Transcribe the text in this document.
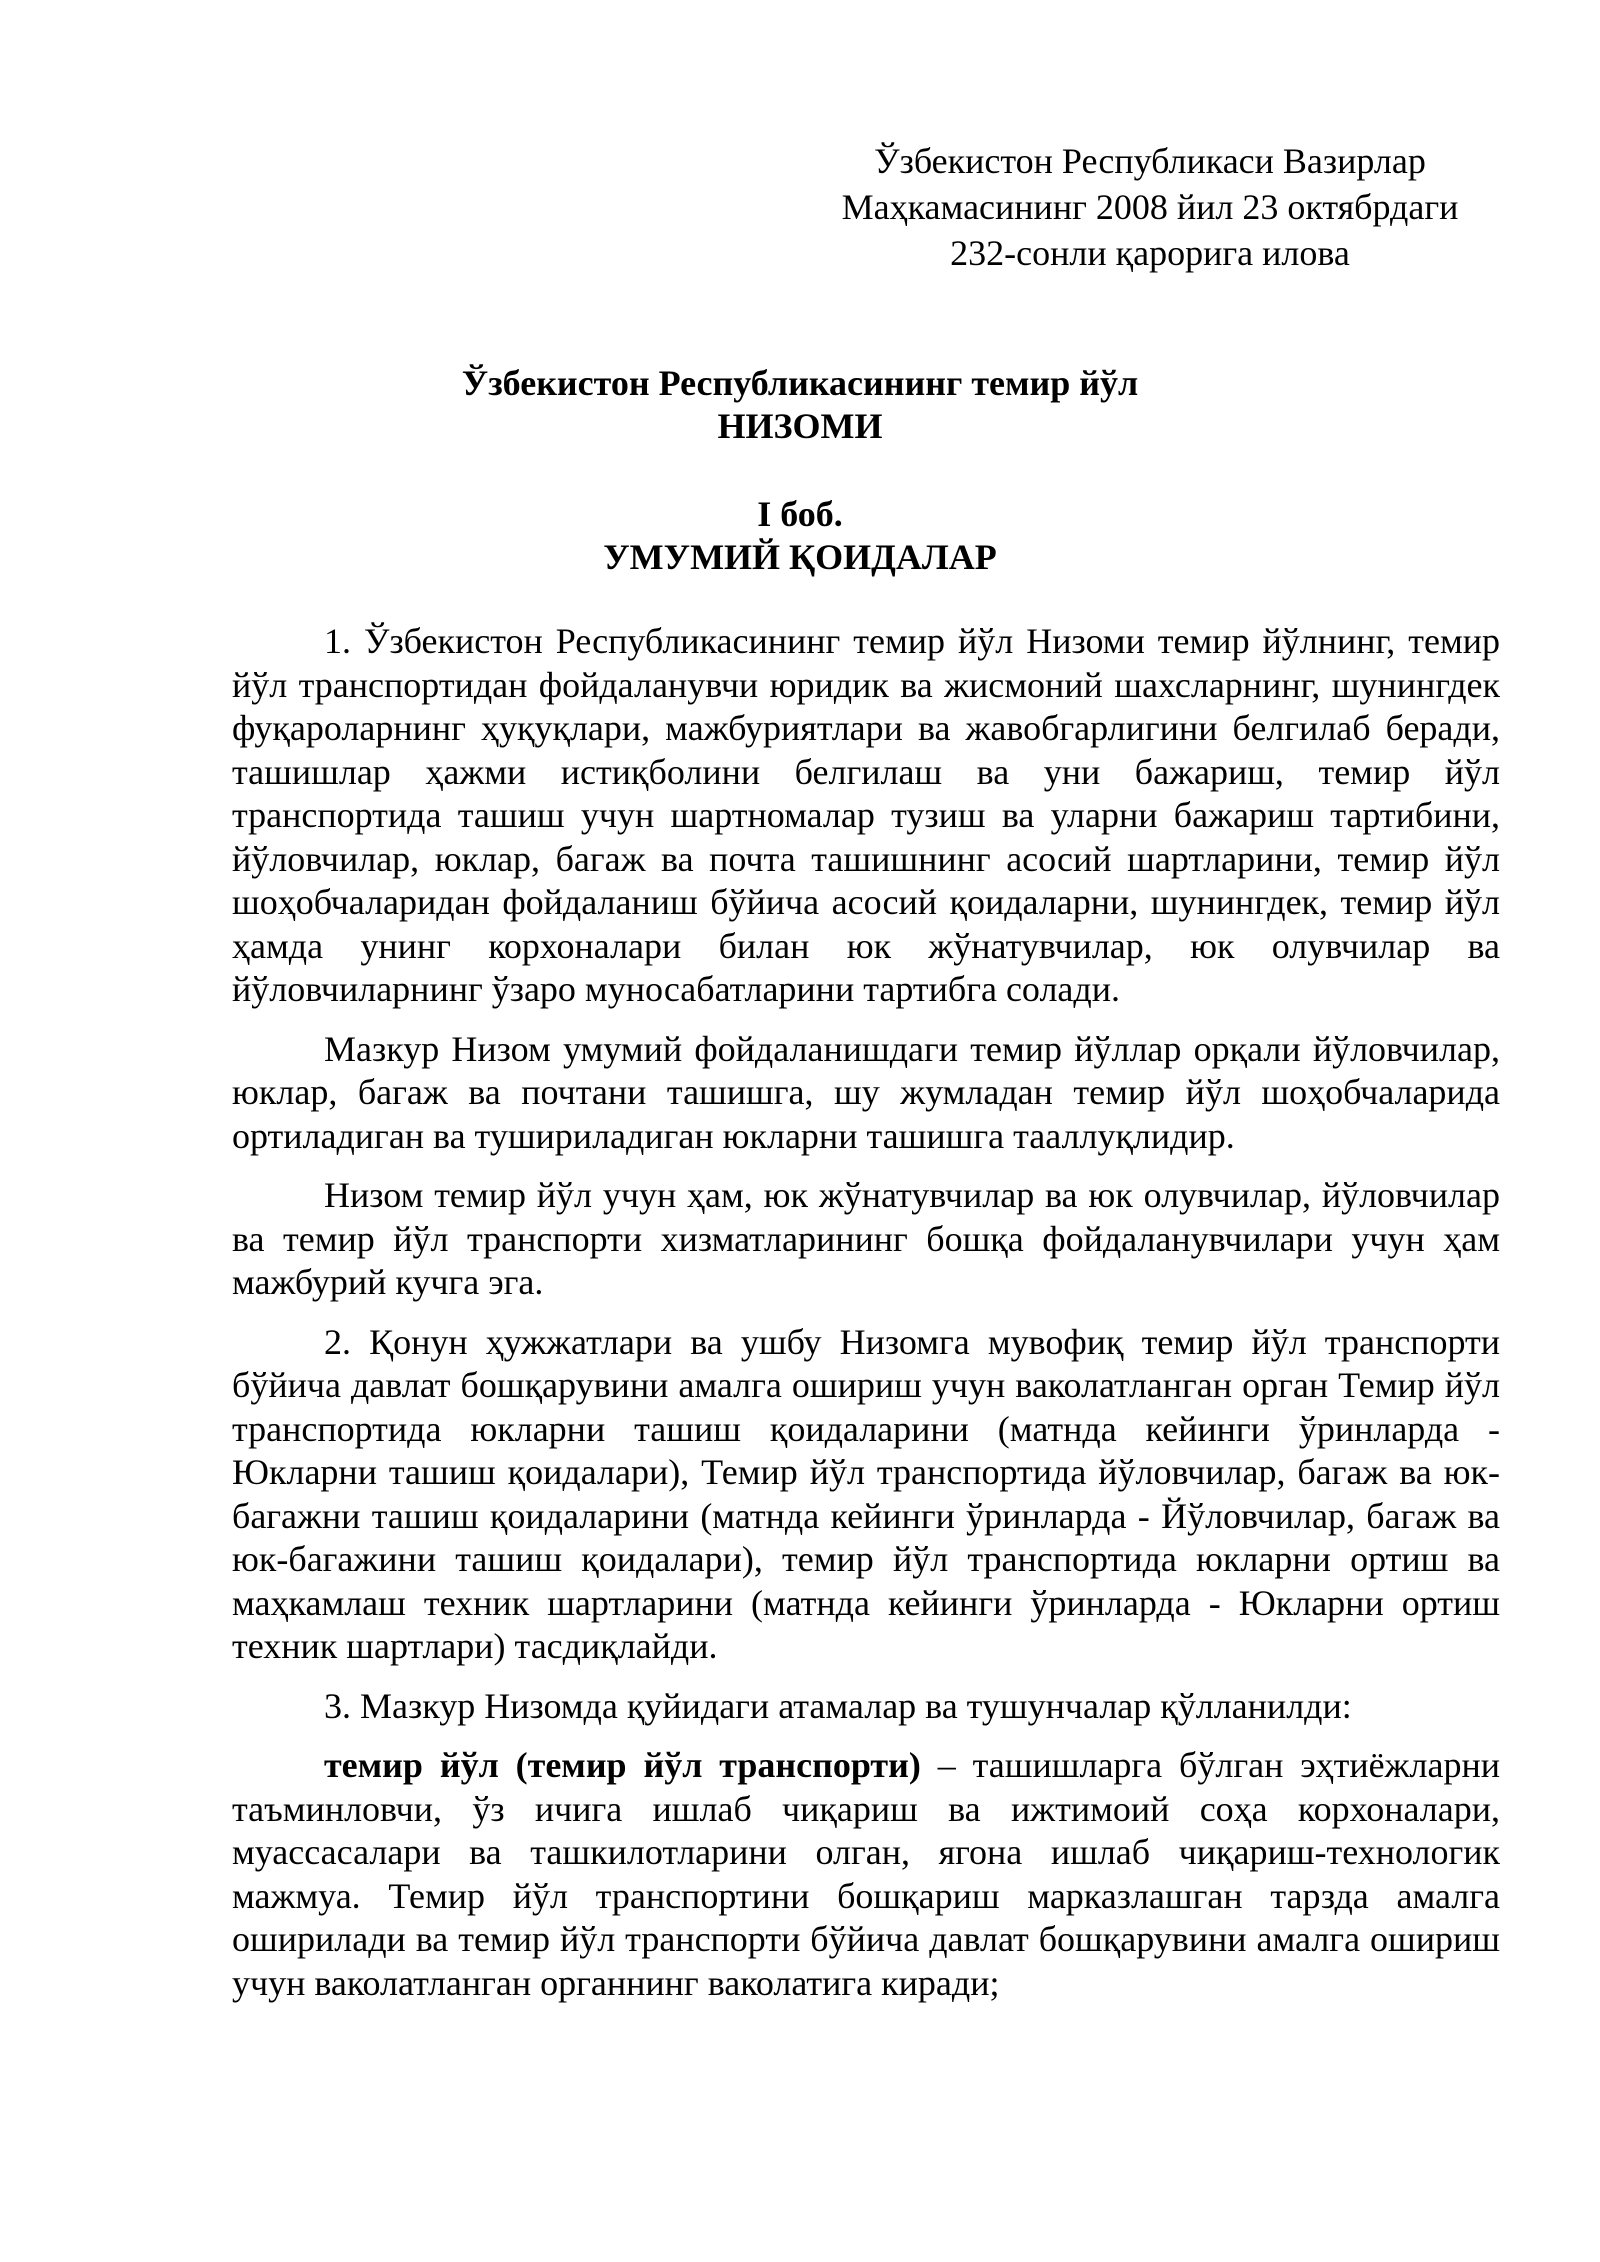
Ўзбекистон Республикаси Вазирлар
Маҳкамасининг 2008 йил 23 октябрдаги
232-сонли қарорига илова
Ўзбекистон Республикасининг темир йўл
НИЗОМИ
I боб.
УМУМИЙ ҚОИДАЛАР

1. Ўзбекистон Республикасининг темир йўл Низоми темир йўлнинг, темир йўл транспортидан фойдаланувчи юридик ва жисмоний шахсларнинг, шунингдек фуқароларнинг ҳуқуқлари, мажбуриятлари ва жавобгарлигини белгилаб беради, ташишлар ҳажми истиқболини белгилаш ва уни бажариш, темир йўл транспортида ташиш учун шартномалар тузиш ва уларни бажариш тартибини, йўловчилар, юклар, багаж ва почта ташишнинг асосий шартларини, темир йўл шоҳобчаларидан фойдаланиш бўйича асосий қоидаларни, шунингдек, темир йўл ҳамда унинг корхоналари билан юк жўнатувчилар, юк олувчилар ва йўловчиларнинг ўзаро муносабатларини тартибга солади.

Мазкур Низом умумий фойдаланишдаги темир йўллар орқали йўловчилар, юклар, багаж ва почтани ташишга, шу жумладан темир йўл шоҳобчаларида ортиладиган ва тушириладиган юкларни ташишга тааллуқлидир.

Низом темир йўл учун ҳам, юк жўнатувчилар ва юк олувчилар, йўловчилар ва темир йўл транспорти хизматларининг бошқа фойдаланувчилари учун ҳам мажбурий кучга эга.

2. Қонун ҳужжатлари ва ушбу Низомга мувофиқ темир йўл транспорти бўйича давлат бошқарувини амалга ошириш учун ваколатланган орган Темир йўл транспортида юкларни ташиш қоидаларини (матнда кейинги ўринларда - Юкларни ташиш қоидалари), Темир йўл транспортида йўловчилар, багаж ва юк-багажни ташиш қоидаларини (матнда кейинги ўринларда - Йўловчилар, багаж ва юк-багажини ташиш қоидалари), темир йўл транспортида юкларни ортиш ва маҳкамлаш техник шартларини (матнда кейинги ўринларда - Юкларни ортиш техник шартлари) тасдиқлайди.

3. Мазкур Низомда қуйидаги атамалар ва тушунчалар қўлланилди:

темир йўл (темир йўл транспорти) – ташишларга бўлган эҳтиёжларни таъминловчи, ўз ичига ишлаб чиқариш ва ижтимоий соҳа корхоналари, муассасалари ва ташкилотларини олган, ягона ишлаб чиқариш-технологик мажмуа. Темир йўл транспортини бошқариш марказлашган тарзда амалга оширилади ва темир йўл транспорти бўйича давлат бошқарувини амалга ошириш учун ваколатланган органнинг ваколатига киради;
